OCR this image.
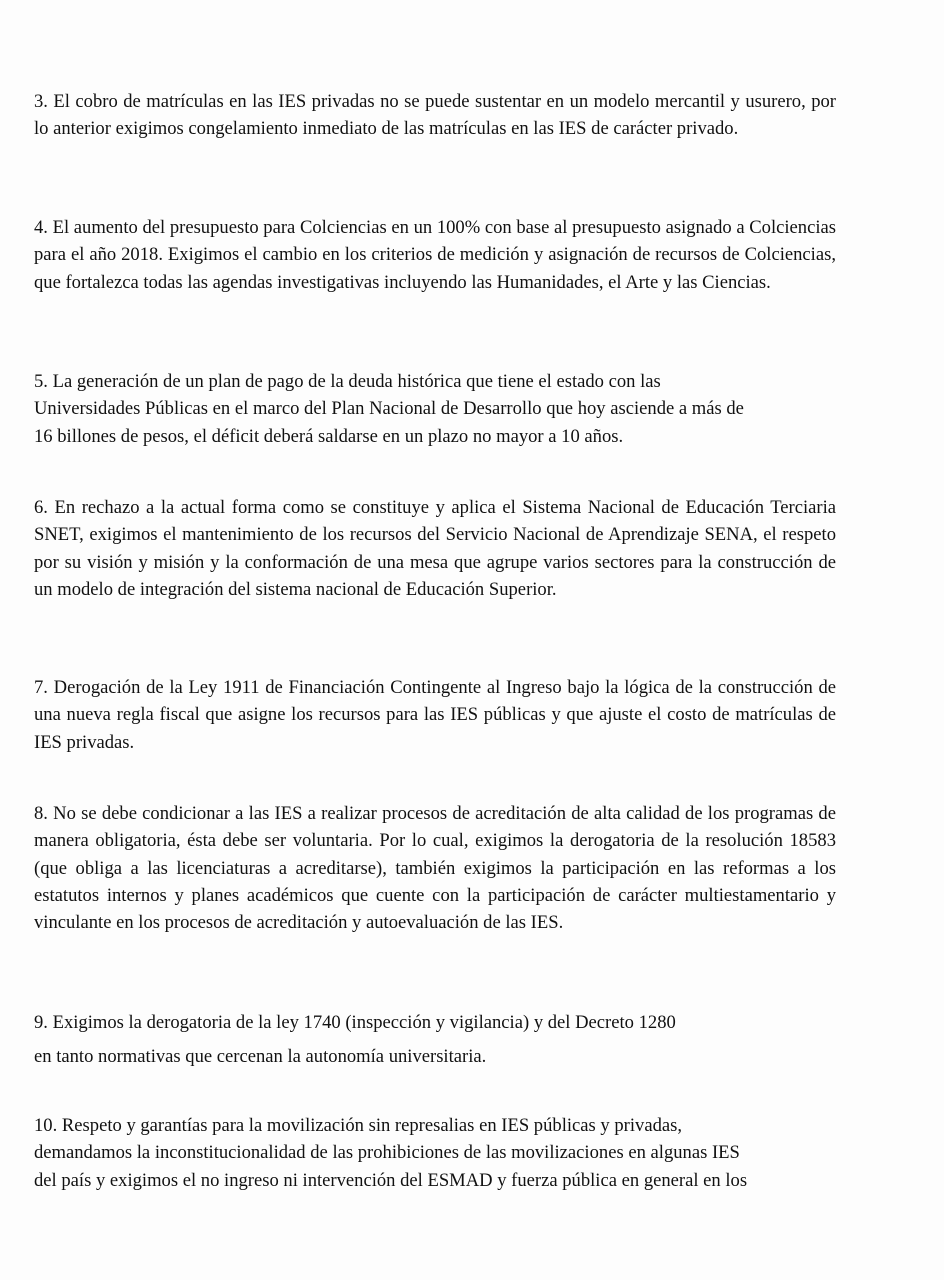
3. El cobro de matrículas en las IES privadas no se puede sustentar en un modelo mercantil y usurero, por lo anterior exigimos congelamiento inmediato de las matrículas en las IES de carácter privado.

4. El aumento del presupuesto para Colciencias en un 100% con base al presupuesto asignado a Colciencias para el año 2018. Exigimos el cambio en los criterios de medición y asignación de recursos de Colciencias, que fortalezca todas las agendas investigativas incluyendo las Humanidades, el Arte y las Ciencias.

5. La generación de un plan de pago de la deuda histórica que tiene el estado con las
Universidades Públicas en el marco del Plan Nacional de Desarrollo que hoy asciende a más de
16 billones de pesos, el déficit deberá saldarse en un plazo no mayor a 10 años.

6. En rechazo a la actual forma como se constituye y aplica el Sistema Nacional de Educación Terciaria SNET, exigimos el mantenimiento de los recursos del Servicio Nacional de Aprendizaje SENA, el respeto por su visión y misión y la conformación de una mesa que agrupe varios sectores para la construcción de un modelo de integración del sistema nacional de Educación Superior.

7. Derogación de la Ley 1911 de Financiación Contingente al Ingreso bajo la lógica de la construcción de una nueva regla fiscal que asigne los recursos para las IES públicas y que ajuste el costo de matrículas de IES privadas.

8. No se debe condicionar a las IES a realizar procesos de acreditación de alta calidad de los programas de manera obligatoria, ésta debe ser voluntaria. Por lo cual, exigimos la derogatoria de la resolución 18583 (que obliga a las licenciaturas a acreditarse), también exigimos la participación en las reformas a los estatutos internos y planes académicos que cuente con la participación de carácter multiestamentario y vinculante en los procesos de acreditación y autoevaluación de las IES.

9. Exigimos la derogatoria de la ley 1740 (inspección y vigilancia) y del Decreto 1280
en tanto normativas que cercenan la autonomía universitaria.

10. Respeto y garantías para la movilización sin represalias en IES públicas y privadas,
demandamos la inconstitucionalidad de las prohibiciones de las movilizaciones en algunas IES
del país y exigimos el no ingreso ni intervención del ESMAD y fuerza pública en general en los
